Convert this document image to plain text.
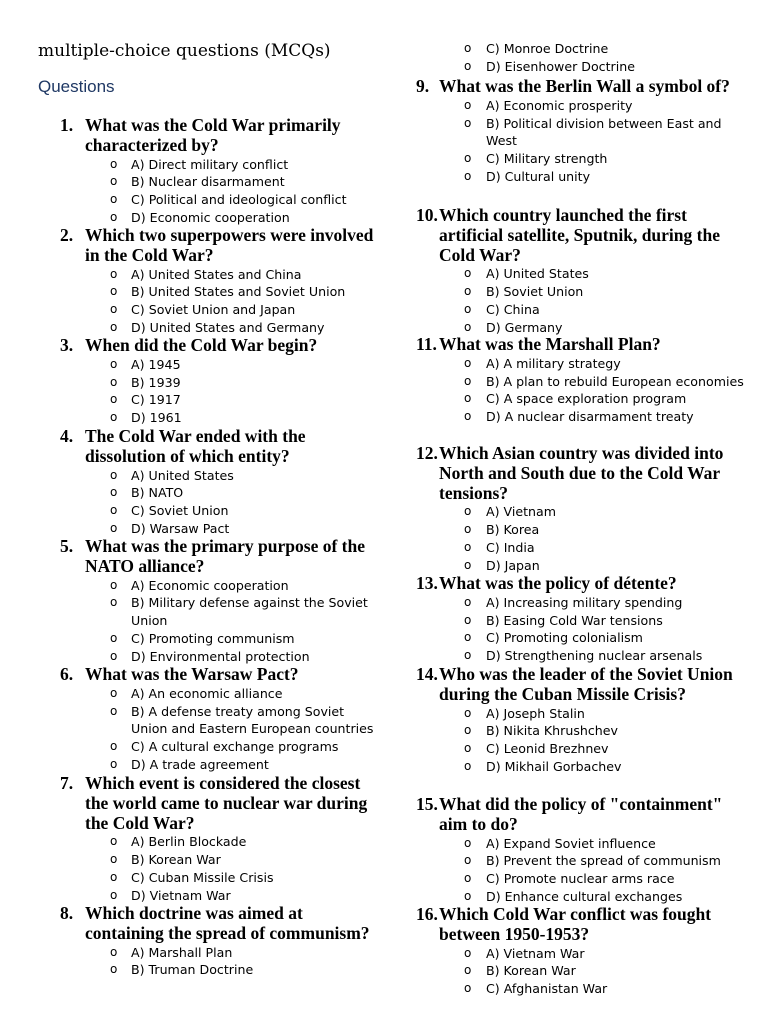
multiple-choice questions (MCQs)
Questions
1. What was the Cold War primarily characterized by?
o A) Direct military conflict
o B) Nuclear disarmament
o C) Political and ideological conflict
o D) Economic cooperation
2. Which two superpowers were involved in the Cold War?
o A) United States and China
o B) United States and Soviet Union
o C) Soviet Union and Japan
o D) United States and Germany
3. When did the Cold War begin?
o A) 1945
o B) 1939
o C) 1917
o D) 1961
4. The Cold War ended with the dissolution of which entity?
o A) United States
o B) NATO
o C) Soviet Union
o D) Warsaw Pact
5. What was the primary purpose of the NATO alliance?
o A) Economic cooperation
o B) Military defense against the Soviet Union
o C) Promoting communism
o D) Environmental protection
6. What was the Warsaw Pact?
o A) An economic alliance
o B) A defense treaty among Soviet Union and Eastern European countries
o C) A cultural exchange programs
o D) A trade agreement
7. Which event is considered the closest the world came to nuclear war during the Cold War?
o A) Berlin Blockade
o B) Korean War
o C) Cuban Missile Crisis
o D) Vietnam War
8. Which doctrine was aimed at containing the spread of communism?
o A) Marshall Plan
o B) Truman Doctrine
o C) Monroe Doctrine
o D) Eisenhower Doctrine
9. What was the Berlin Wall a symbol of?
o A) Economic prosperity
o B) Political division between East and West
o C) Military strength
o D) Cultural unity
10. Which country launched the first artificial satellite, Sputnik, during the Cold War?
o A) United States
o B) Soviet Union
o C) China
o D) Germany
11. What was the Marshall Plan?
o A) A military strategy
o B) A plan to rebuild European economies
o C) A space exploration program
o D) A nuclear disarmament treaty
12. Which Asian country was divided into North and South due to the Cold War tensions?
o A) Vietnam
o B) Korea
o C) India
o D) Japan
13. What was the policy of détente?
o A) Increasing military spending
o B) Easing Cold War tensions
o C) Promoting colonialism
o D) Strengthening nuclear arsenals
14. Who was the leader of the Soviet Union during the Cuban Missile Crisis?
o A) Joseph Stalin
o B) Nikita Khrushchev
o C) Leonid Brezhnev
o D) Mikhail Gorbachev
15. What did the policy of "containment" aim to do?
o A) Expand Soviet influence
o B) Prevent the spread of communism
o C) Promote nuclear arms race
o D) Enhance cultural exchanges
16. Which Cold War conflict was fought between 1950-1953?
o A) Vietnam War
o B) Korean War
o C) Afghanistan War
